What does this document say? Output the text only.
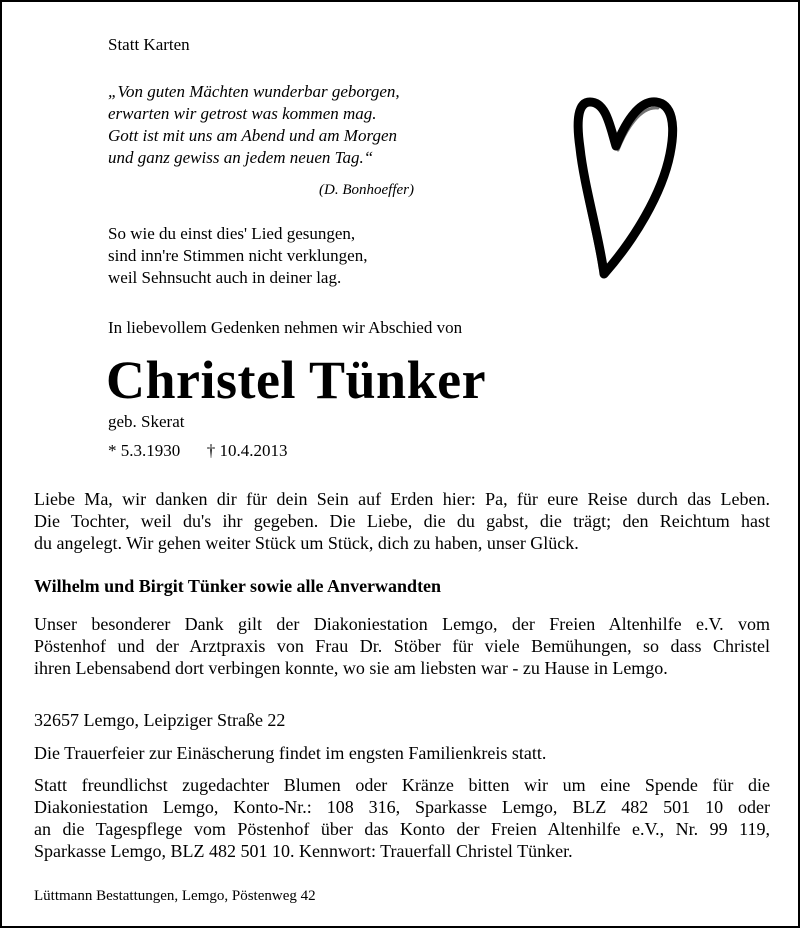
Statt Karten

„Von guten Mächten wunderbar geborgen,
erwarten wir getrost was kommen mag.
Gott ist mit uns am Abend und am Morgen
und ganz gewiss an jedem neuen Tag.“

(D. Bonhoeffer)

So wie du einst dies' Lied gesungen,
sind inn're Stimmen nicht verklungen,
weil Sehnsucht auch in deiner lag.

In liebevollem Gedenken nehmen wir Abschied von

Christel Tünker

geb. Skerat

* 5.3.1930 † 10.4.2013

Liebe Ma, wir danken dir für dein Sein auf Erden hier: Pa, für eure Reise durch das Leben.
Die Tochter, weil du's ihr gegeben. Die Liebe, die du gabst, die trägt; den Reichtum hast
du angelegt. Wir gehen weiter Stück um Stück, dich zu haben, unser Glück.

Wilhelm und Birgit Tünker sowie alle Anverwandten

Unser besonderer Dank gilt der Diakoniestation Lemgo, der Freien Altenhilfe e.V. vom
Pöstenhof und der Arztpraxis von Frau Dr. Stöber für viele Bemühungen, so dass Christel
ihren Lebensabend dort verbingen konnte, wo sie am liebsten war - zu Hause in Lemgo.

32657 Lemgo, Leipziger Straße 22

Die Trauerfeier zur Einäscherung findet im engsten Familienkreis statt.

Statt freundlichst zugedachter Blumen oder Kränze bitten wir um eine Spende für die
Diakoniestation Lemgo, Konto-Nr.: 108 316, Sparkasse Lemgo, BLZ 482 501 10 oder
an die Tagespflege vom Pöstenhof über das Konto der Freien Altenhilfe e.V., Nr. 99 119,
Sparkasse Lemgo, BLZ 482 501 10. Kennwort: Trauerfall Christel Tünker.

Lüttmann Bestattungen, Lemgo, Pöstenweg 42
